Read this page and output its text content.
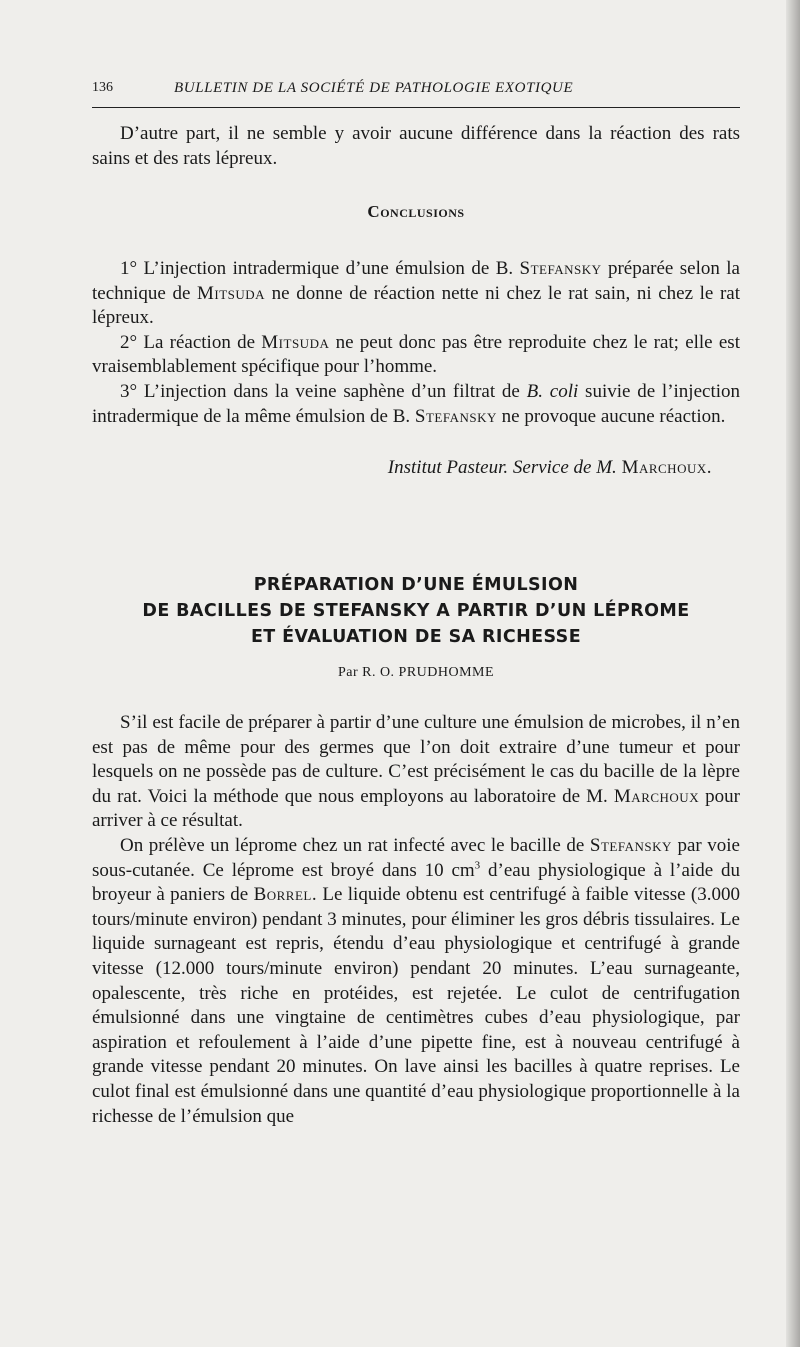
136	BULLETIN DE LA SOCIÉTÉ DE PATHOLOGIE EXOTIQUE

D’autre part, il ne semble y avoir aucune différence dans la réaction des rats sains et des rats lépreux.

Conclusions

1° L’injection intradermique d’une émulsion de B. Stefansky préparée selon la technique de Mitsuda ne donne de réaction nette ni chez le rat sain, ni chez le rat lépreux.

2° La réaction de Mitsuda ne peut donc pas être reproduite chez le rat; elle est vraisemblablement spécifique pour l’homme.

3° L’injection dans la veine saphène d’un filtrat de B. coli suivie de l’injection intradermique de la même émulsion de B. Stefansky ne provoque aucune réaction.

Institut Pasteur. Service de M. Marchoux.
PRÉPARATION D’UNE ÉMULSION
DE BACILLES DE STEFANSKY A PARTIR D’UN LÉPROME
ET ÉVALUATION DE SA RICHESSE
Par R. O. PRUDHOMME

S’il est facile de préparer à partir d’une culture une émulsion de microbes, il n’en est pas de même pour des germes que l’on doit extraire d’une tumeur et pour lesquels on ne possède pas de culture. C’est précisément le cas du bacille de la lèpre du rat. Voici la méthode que nous employons au laboratoire de M. Marchoux pour arriver à ce résultat.

On prélève un léprome chez un rat infecté avec le bacille de Stefansky par voie sous-cutanée. Ce léprome est broyé dans 10 $cm^3$ d’eau physiologique à l’aide du broyeur à paniers de Borrel. Le liquide obtenu est centrifugé à faible vitesse (3.000 tours/minute environ) pendant 3 minutes, pour éliminer les gros débris tissulaires. Le liquide surnageant est repris, étendu d’eau physiologique et centrifugé à grande vitesse (12.000 tours/minute environ) pendant 20 minutes. L’eau surnageante, opalescente, très riche en protéides, est rejetée. Le culot de centrifugation émulsionné dans une vingtaine de centimètres cubes d’eau physiologique, par aspiration et refoulement à l’aide d’une pipette fine, est à nouveau centrifugé à grande vitesse pendant 20 minutes. On lave ainsi les bacilles à quatre reprises. Le culot final est émulsionné dans une quantité d’eau physiologique proportionnelle à la richesse de l’émulsion que
